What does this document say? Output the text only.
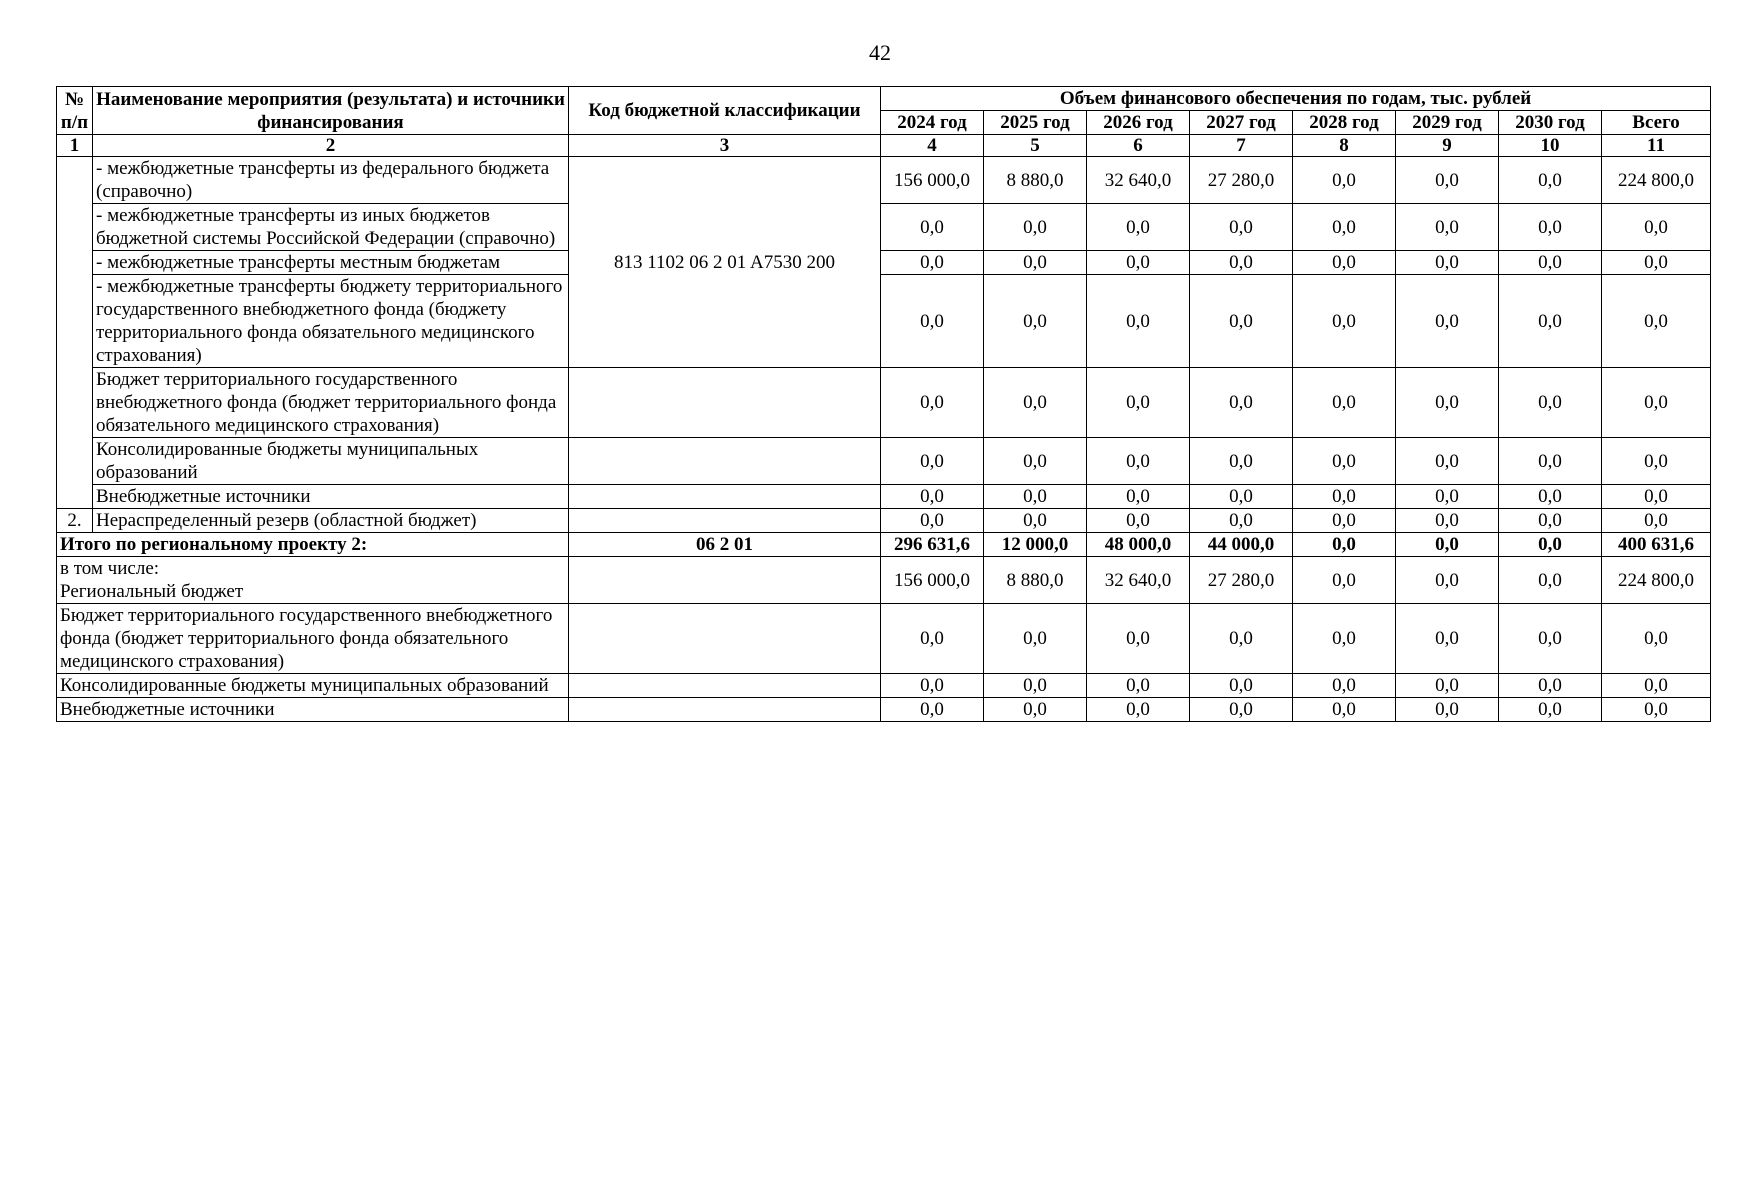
42
№ п/п	Наименование мероприятия (результата) и источники финансирования	Код бюджетной классификации	Объем финансового обеспечения по годам, тыс. рублей							
			2024 год	2025 год	2026 год	2027 год	2028 год	2029 год	2030 год	Всего
1	2	3	4	5	6	7	8	9	10	11
	- межбюджетные трансферты из федерального бюджета (справочно)	813 1102 06 2 01 A7530 200	156 000,0	8 880,0	32 640,0	27 280,0	0,0	0,0	0,0	224 800,0
	- межбюджетные трансферты из иных бюджетов бюджетной системы Российской Федерации (справочно)		0,0	0,0	0,0	0,0	0,0	0,0	0,0	0,0
	- межбюджетные трансферты местным бюджетам		0,0	0,0	0,0	0,0	0,0	0,0	0,0	0,0
	- межбюджетные трансферты бюджету территориального государственного внебюджетного фонда (бюджету территориального фонда обязательного медицинского страхования)		0,0	0,0	0,0	0,0	0,0	0,0	0,0	0,0
	Бюджет территориального государственного внебюджетного фонда (бюджет территориального фонда обязательного медицинского страхования)		0,0	0,0	0,0	0,0	0,0	0,0	0,0	0,0
	Консолидированные бюджеты муниципальных образований		0,0	0,0	0,0	0,0	0,0	0,0	0,0	0,0
	Внебюджетные источники		0,0	0,0	0,0	0,0	0,0	0,0	0,0	0,0
2.	Нераспределенный резерв (областной бюджет)		0,0	0,0	0,0	0,0	0,0	0,0	0,0	0,0
Итого по региональному проекту 2:		06 2 01	296 631,6	12 000,0	48 000,0	44 000,0	0,0	0,0	0,0	400 631,6

в том числе:
Региональный бюджет			156 000,0	8 880,0	32 640,0	27 280,0	0,0	0,0	0,0	224 800,0
Бюджет территориального государственного внебюджетного фонда (бюджет территориального фонда обязательного медицинского страхования)			0,0	0,0	0,0	0,0	0,0	0,0	0,0	0,0
Консолидированные бюджеты муниципальных образований			0,0	0,0	0,0	0,0	0,0	0,0	0,0	0,0
Внебюджетные источники			0,0	0,0	0,0	0,0	0,0	0,0	0,0	0,0
